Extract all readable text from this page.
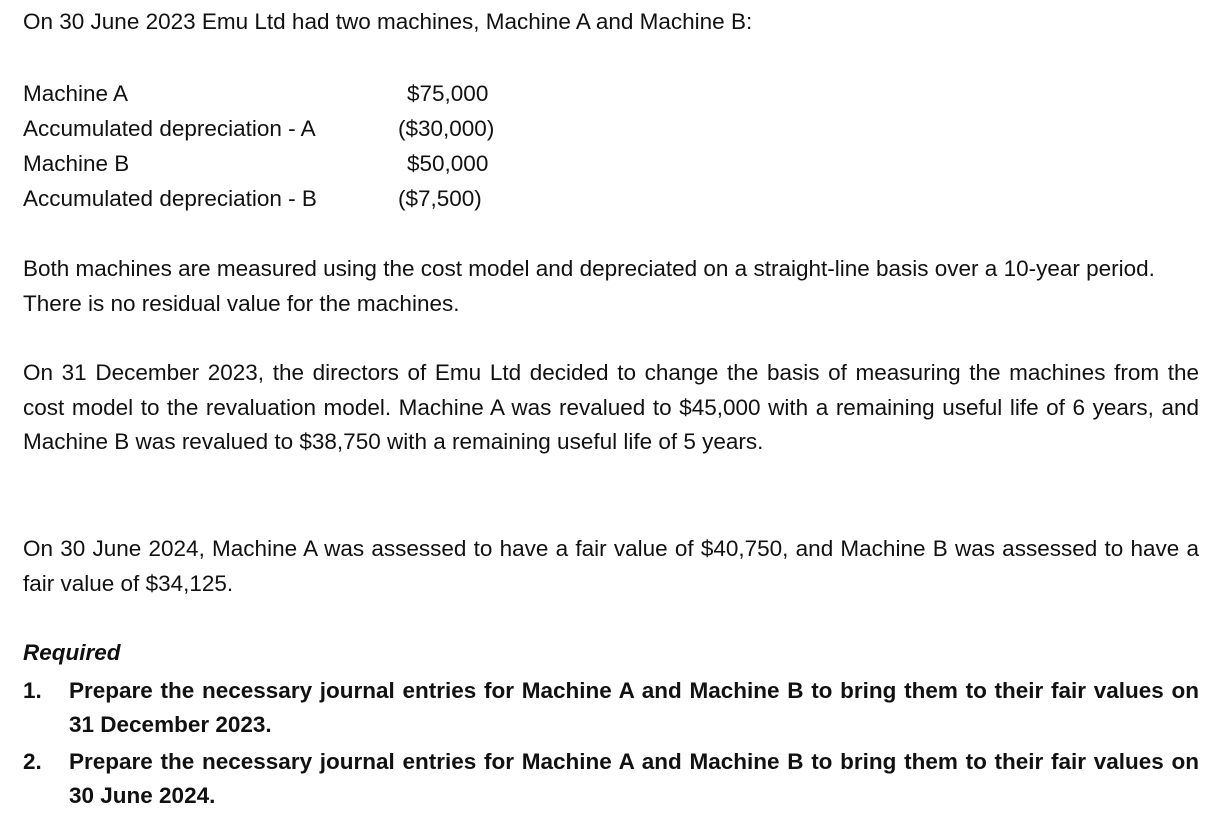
On 30 June 2023 Emu Ltd had two machines, Machine A and Machine B:
Machine A	$75,000
Accumulated depreciation - A	($30,000)
Machine B	$50,000
Accumulated depreciation - B	($7,500)
Both machines are measured using the cost model and depreciated on a straight-line basis over a 10-year period. There is no residual value for the machines.
On 31 December 2023, the directors of Emu Ltd decided to change the basis of measuring the machines from the cost model to the revaluation model. Machine A was revalued to $45,000 with a remaining useful life of 6 years, and Machine B was revalued to $38,750 with a remaining useful life of 5 years.
On 30 June 2024, Machine A was assessed to have a fair value of $40,750, and Machine B was assessed to have a fair value of $34,125.
Required
1.	Prepare the necessary journal entries for Machine A and Machine B to bring them to their fair values on 31 December 2023.
2.	Prepare the necessary journal entries for Machine A and Machine B to bring them to their fair values on 30 June 2024.
